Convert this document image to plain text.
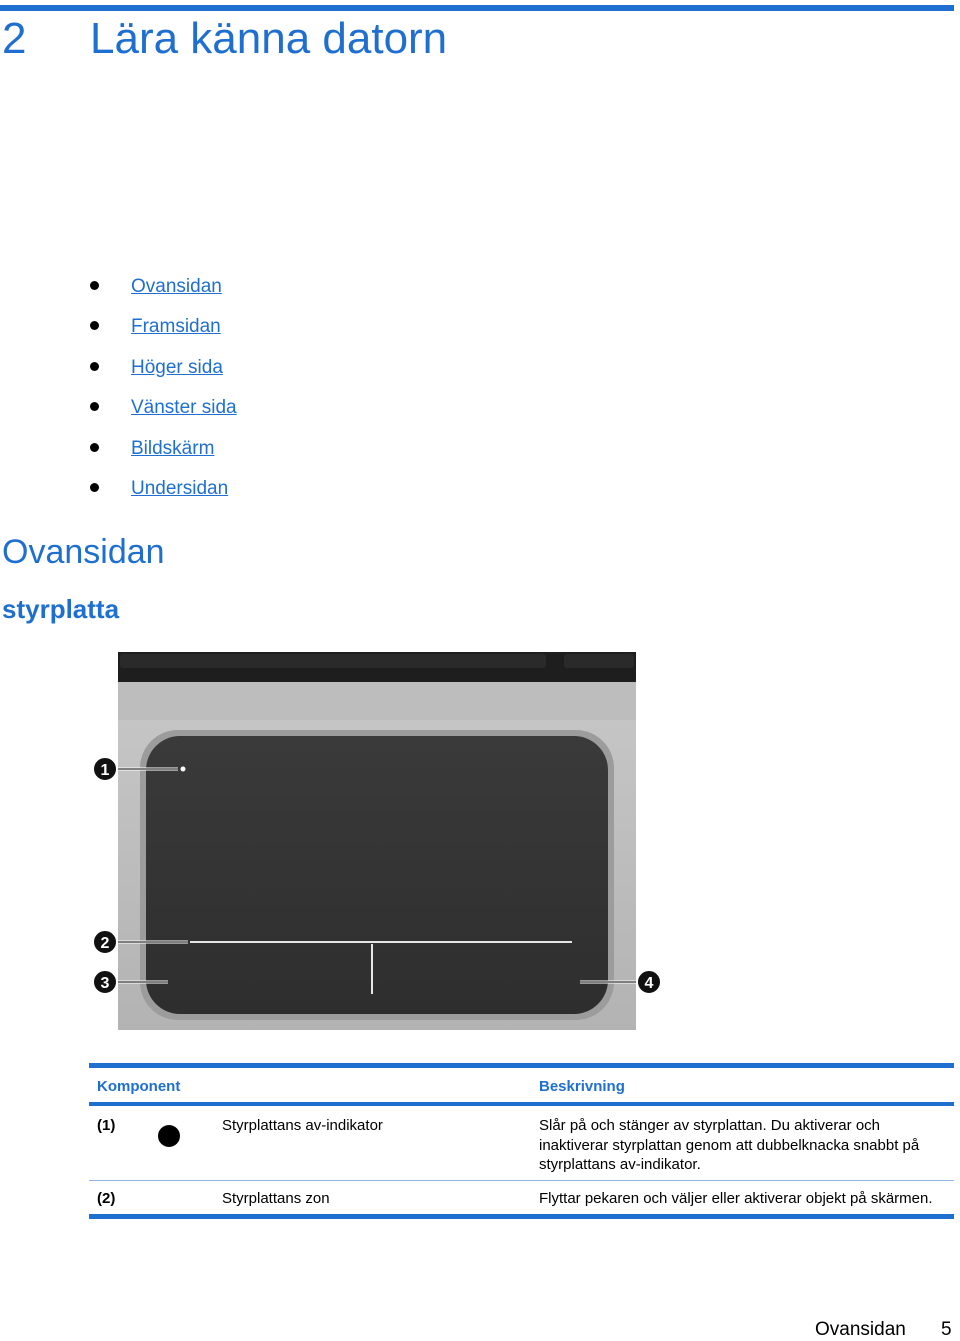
2 Lära känna datorn
Ovansidan
Framsidan
Höger sida
Vänster sida
Bildskärm
Undersidan
Ovansidan
styrplatta
1
2
3	4
Komponent	Beskrivning
(1)	Styrplattans av-indikator	Slår på och stänger av styrplattan. Du aktiverar och inaktiverar styrplattan genom att dubbelknacka snabbt på styrplattans av-indikator.
(2)	Styrplattans zon	Flyttar pekaren och väljer eller aktiverar objekt på skärmen.
Ovansidan 5
